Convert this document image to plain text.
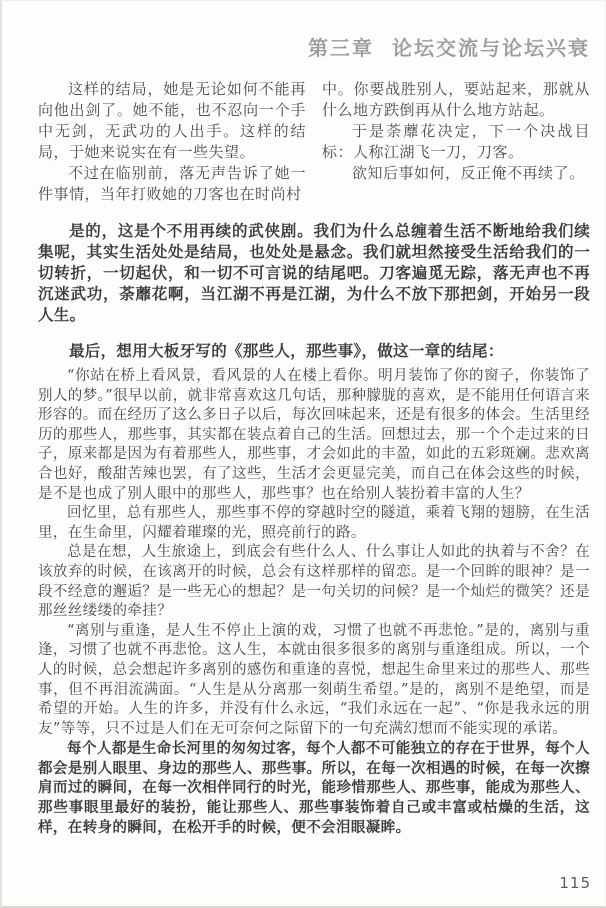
第三章 论坛交流与论坛兴衰

这样的结局，她是无论如何不能再向他出剑了。她不能，也不忍向一个手中无剑，无武功的人出手。这样的结局，于她来说实在有一些失望。

不过在临别前，落无声告诉了她一件事情，当年打败她的刀客也在时尚村

中。你要战胜别人，要站起来，那就从什么地方跌倒再从什么地方站起。

于是荼蘼花决定，下一个决战目标：人称江湖飞一刀，刀客。

欲知后事如何，反正俺不再续了。

是的，这是个不用再续的武侠剧。我们为什么总缠着生活不断地给我们续集呢，其实生活处处是结局，也处处是悬念。我们就坦然接受生活给我们的一切转折，一切起伏，和一切不可言说的结尾吧。刀客遍觅无踪，落无声也不再沉迷武功，荼蘼花啊，当江湖不再是江湖，为什么不放下那把剑，开始另一段人生。

最后，想用大板牙写的《那些人，那些事》，做这一章的结尾：

“你站在桥上看风景，看风景的人在楼上看你。明月装饰了你的窗子，你装饰了别人的梦。”很早以前，就非常喜欢这几句话，那种朦胧的喜欢，是不能用任何语言来形容的。而在经历了这么多日子以后，每次回味起来，还是有很多的体会。生活里经历的那些人，那些事，其实都在装点着自己的生活。回想过去，那一个个走过来的日子，原来都是因为有着那些人，那些事，才会如此的丰盈，如此的五彩斑斓。悲欢离合也好，酸甜苦辣也罢，有了这些，生活才会更显完美，而自己在体会这些的时候，是不是也成了别人眼中的那些人，那些事？也在给别人装扮着丰富的人生？

回忆里，总有那些人，那些事不停的穿越时空的隧道，乘着飞翔的翅膀，在生活里，在生命里，闪耀着璀璨的光，照亮前行的路。

总是在想，人生旅途上，到底会有些什么人、什么事让人如此的执着与不舍？在该放弃的时候，在该离开的时候，总会有这样那样的留恋。是一个回眸的眼神？是一段不经意的邂逅？是一些无心的想起？是一句关切的问候？是一个灿烂的微笑？还是那丝丝缕缕的牵挂？

“离别与重逢，是人生不停止上演的戏，习惯了也就不再悲怆。”是的，离别与重逢，习惯了也就不再悲怆。这人生，本就由很多很多的离别与重逢组成。所以，一个人的时候，总会想起许多离别的感伤和重逢的喜悦，想起生命里来过的那些人、那些事，但不再泪流满面。“人生是从分离那一刻萌生希望。”是的，离别不是绝望，而是希望的开始。人生的许多，并没有什么永远，“我们永远在一起”、“你是我永远的朋友”等等，只不过是人们在无可奈何之际留下的一句充满幻想而不能实现的承诺。

每个人都是生命长河里的匆匆过客，每个人都不可能独立的存在于世界，每个人都会是别人眼里、身边的那些人、那些事。所以，在每一次相遇的时候，在每一次擦肩而过的瞬间，在每一次相伴同行的时光，能珍惜那些人、那些事，能成为那些人、那些事眼里最好的装扮，能让那些人、那些事装饰着自己或丰富或枯燥的生活，这样，在转身的瞬间，在松开手的时候，便不会泪眼凝眸。

115
